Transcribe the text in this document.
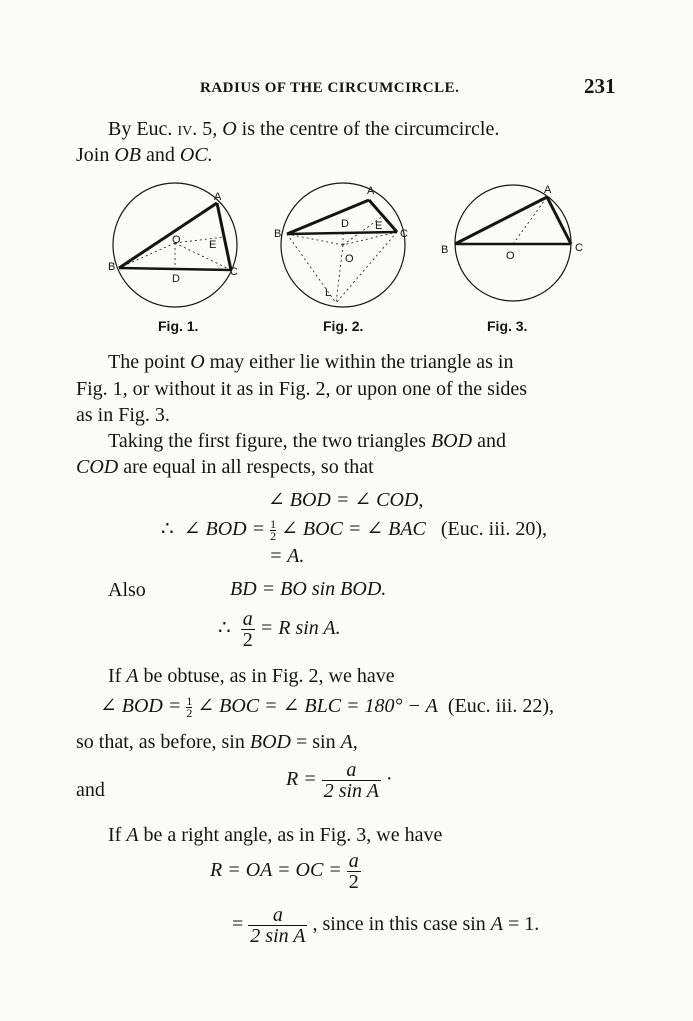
RADIUS OF THE CIRCUMCIRCLE.	231
By Euc. iv. 5, O is the centre of the circumcircle.
Join OB and OC.
A
B	C
O
D
E
A
B	C
O
D E
L
A
B	C
O
Fig. 1.	Fig. 2.	Fig. 3.
The point O may either lie within the triangle as in
Fig. 1, or without it as in Fig. 2, or upon one of the sides
as in Fig. 3.
Taking the first figure, the two triangles BOD and
COD are equal in all respects, so that
∠ BOD = ∠ COD,
∴ ∠ BOD = $\frac{1}{2}$ ∠ BOC = ∠ BAC (Euc. iii. 20),
= A.
Also	BD = BO sin BOD.
∴ $\frac{a}{2} = R$ sin A.
If A be obtuse, as in Fig. 2, we have
∠ BOD = $\frac{1}{2}$ ∠ BOC = ∠ BLC = 180° − A (Euc. iii. 22),
so that, as before, sin BOD = sin A,
and	$R = \frac{a}{\text{2 sin A}}$ ·
If A be a right angle, as in Fig. 3, we have
R = OA = OC = $\frac{a}{2}$
= $\frac{a}{\text{2 sin A}}$ , since in this case sin A = 1.
